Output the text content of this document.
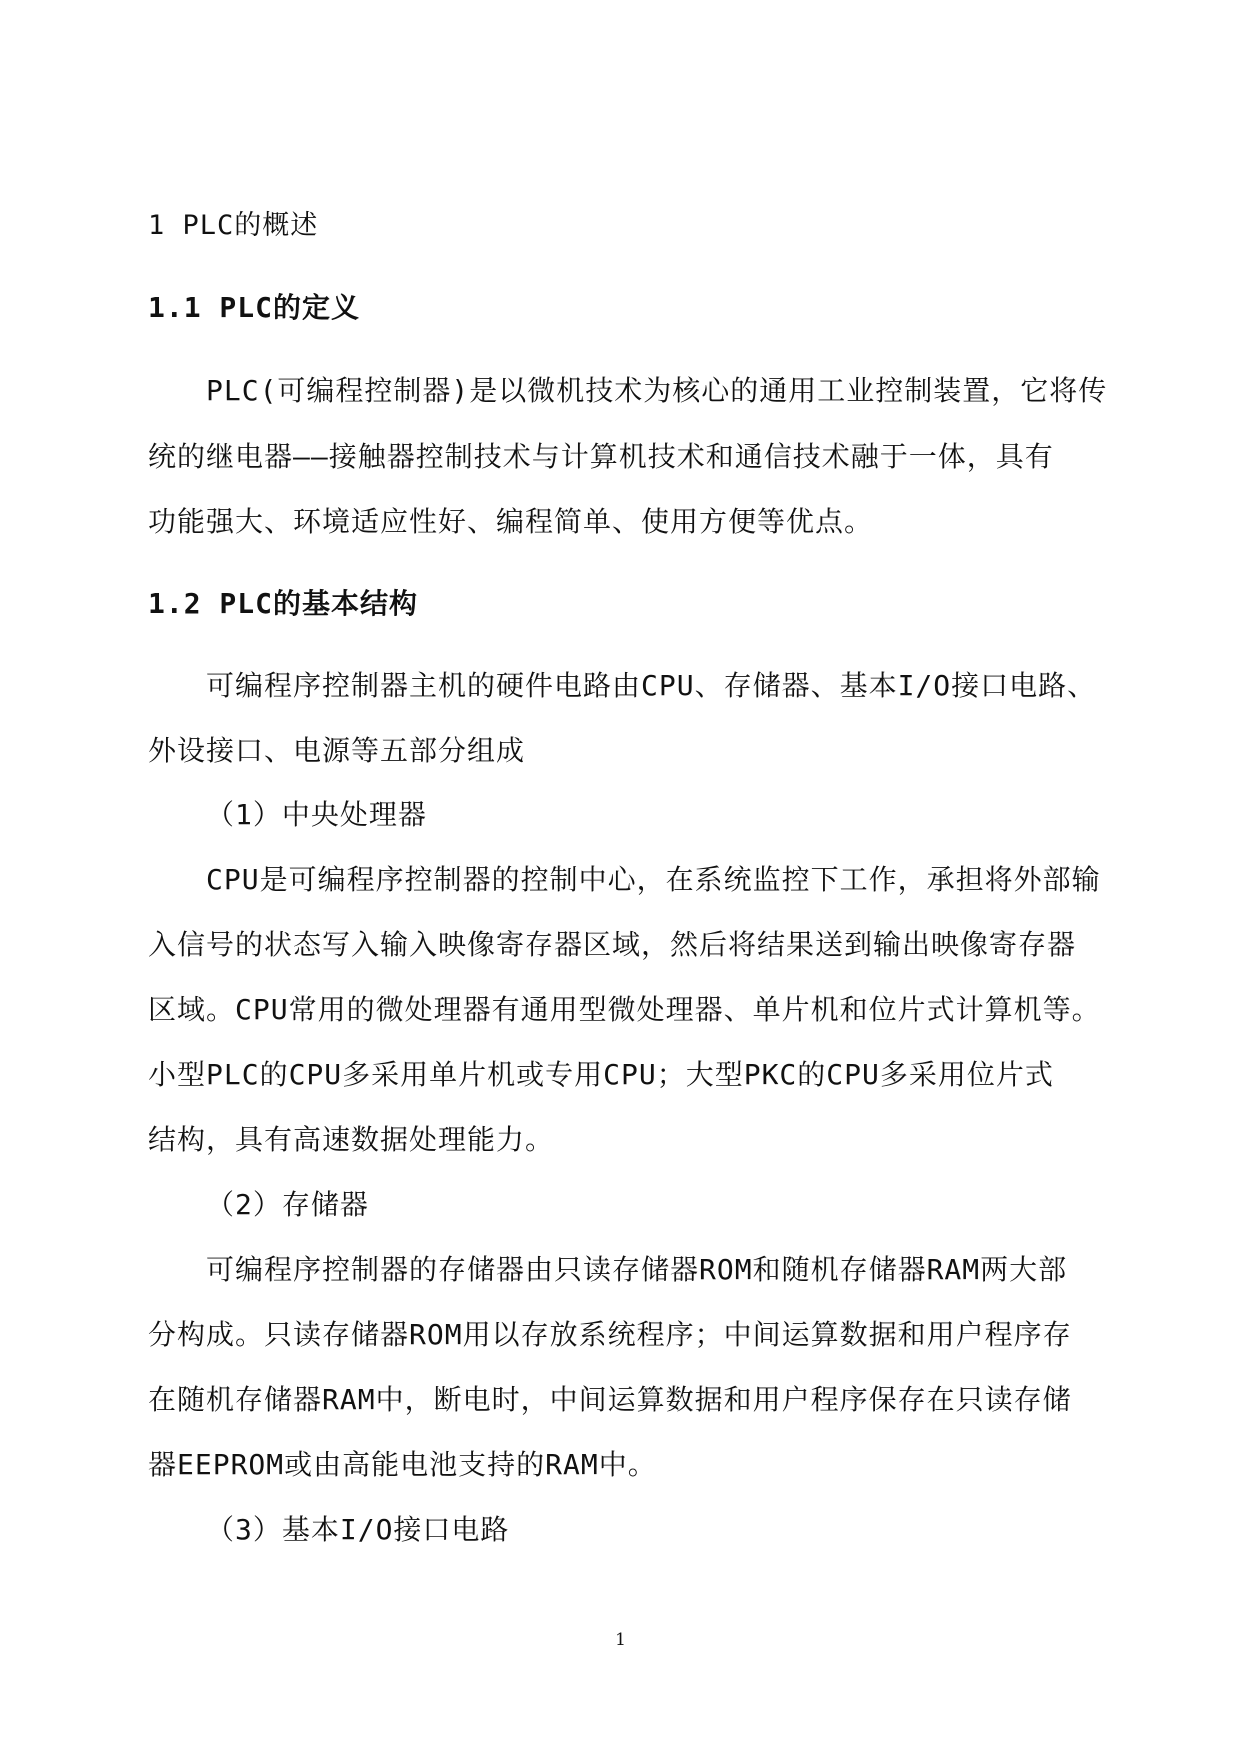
1 PLC的概述

1.1 PLC的定义

PLC(可编程控制器)是以微机技术为核心的通用工业控制装置，它将传

统的继电器——接触器控制技术与计算机技术和通信技术融于一体，具有

功能强大、环境适应性好、编程简单、使用方便等优点。

1.2 PLC的基本结构

可编程序控制器主机的硬件电路由CPU、存储器、基本I/O接口电路、

外设接口、电源等五部分组成

（1）中央处理器

CPU是可编程序控制器的控制中心，在系统监控下工作，承担将外部输

入信号的状态写入输入映像寄存器区域，然后将结果送到输出映像寄存器

区域。CPU常用的微处理器有通用型微处理器、单片机和位片式计算机等。

小型PLC的CPU多采用单片机或专用CPU；大型PKC的CPU多采用位片式

结构，具有高速数据处理能力。

（2）存储器

可编程序控制器的存储器由只读存储器ROM和随机存储器RAM两大部

分构成。只读存储器ROM用以存放系统程序；中间运算数据和用户程序存

在随机存储器RAM中，断电时，中间运算数据和用户程序保存在只读存储

器EEPROM或由高能电池支持的RAM中。

（3）基本I/O接口电路

1
